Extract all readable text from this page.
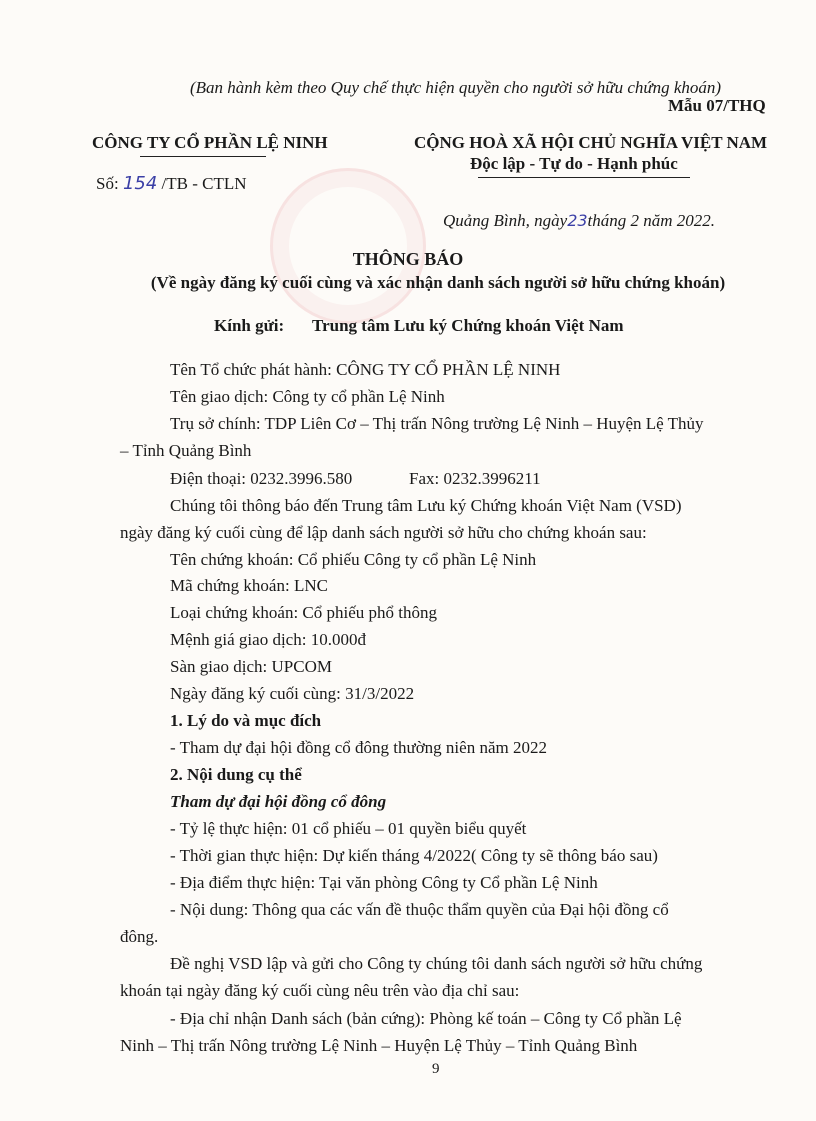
(Ban hành kèm theo Quy chế thực hiện quyền cho người sở hữu chứng khoán)
Mẫu 07/THQ
CÔNG TY CỔ PHẦN LỆ NINH	CỘNG HOÀ XÃ HỘI CHỦ NGHĨA VIỆT NAM
Độc lập - Tự do - Hạnh phúc
Số: 154 /TB - CTLN
Quảng Bình, ngày23tháng 2 năm 2022.
THÔNG BÁO
(Về ngày đăng ký cuối cùng và xác nhận danh sách người sở hữu chứng khoán)
Kính gửi: Trung tâm Lưu ký Chứng khoán Việt Nam
Tên Tổ chức phát hành: CÔNG TY CỔ PHẦN LỆ NINH
Tên giao dịch: Công ty cổ phần Lệ Ninh
Trụ sở chính: TDP Liên Cơ – Thị trấn Nông trường Lệ Ninh – Huyện Lệ Thủy
– Tỉnh Quảng Bình
Điện thoại: 0232.3996.580	Fax: 0232.3996211
Chúng tôi thông báo đến Trung tâm Lưu ký Chứng khoán Việt Nam (VSD)
ngày đăng ký cuối cùng để lập danh sách người sở hữu cho chứng khoán sau:
Tên chứng khoán: Cổ phiếu Công ty cổ phần Lệ Ninh
Mã chứng khoán: LNC
Loại chứng khoán: Cổ phiếu phổ thông
Mệnh giá giao dịch: 10.000đ
Sàn giao dịch: UPCOM
Ngày đăng ký cuối cùng: 31/3/2022
1. Lý do và mục đích
- Tham dự đại hội đồng cổ đông thường niên năm 2022
2. Nội dung cụ thể
Tham dự đại hội đồng cổ đông
- Tỷ lệ thực hiện: 01 cổ phiếu – 01 quyền biểu quyết
- Thời gian thực hiện: Dự kiến tháng 4/2022( Công ty sẽ thông báo sau)
- Địa điểm thực hiện: Tại văn phòng Công ty Cổ phần Lệ Ninh
- Nội dung: Thông qua các vấn đề thuộc thẩm quyền của Đại hội đồng cổ
đông.
Đề nghị VSD lập và gửi cho Công ty chúng tôi danh sách người sở hữu chứng
khoán tại ngày đăng ký cuối cùng nêu trên vào địa chỉ sau:
- Địa chỉ nhận Danh sách (bản cứng): Phòng kế toán – Công ty Cổ phần Lệ
Ninh – Thị trấn Nông trường Lệ Ninh – Huyện Lệ Thủy – Tỉnh Quảng Bình
9
